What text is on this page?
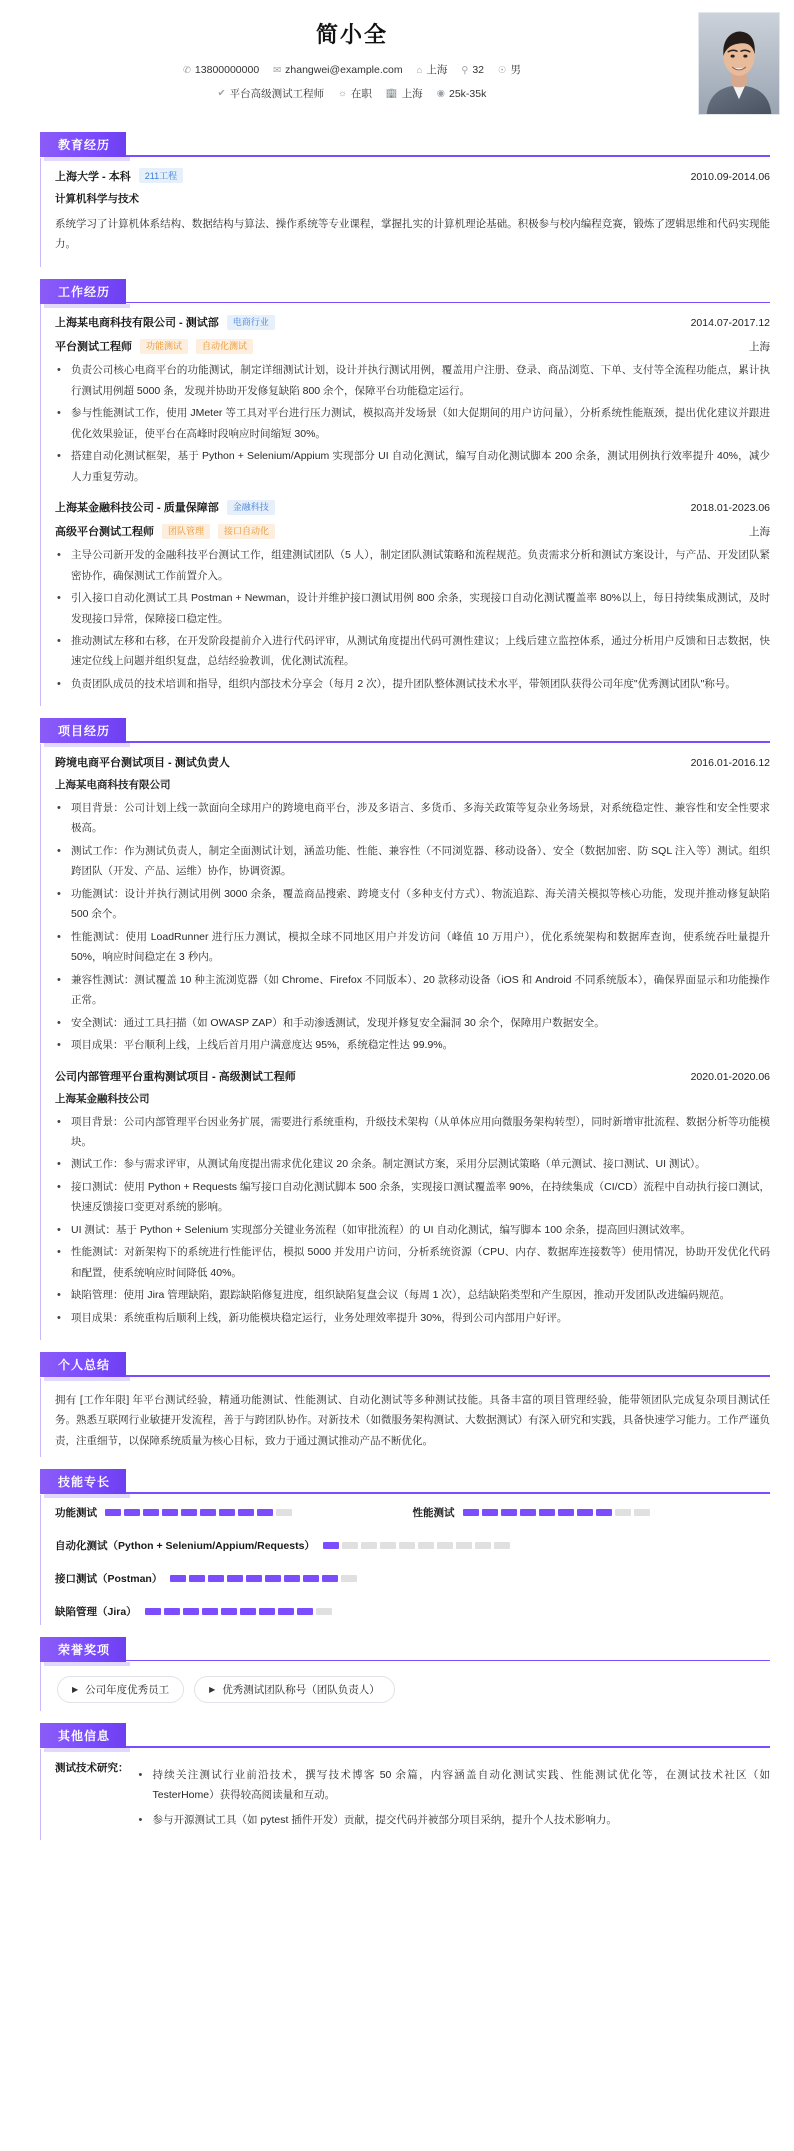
简小全
✆ 13800000000 ✉ zhangwei@example.com ⌂ 上海 ⚲ 32 ☉ 男
✔ 平台高级测试工程师 ☼ 在职 🏢 上海 ◉ 25k-35k
教育经历
上海大学 - 本科	211工程	2010.09-2014.06
计算机科学与技术
系统学习了计算机体系结构、数据结构与算法、操作系统等专业课程，掌握扎实的计算机理论基础。积极参与校内编程竞赛，锻炼了逻辑思维和代码实现能力。
工作经历
上海某电商科技有限公司 - 测试部	电商行业	2014.07-2017.12
平台测试工程师	功能测试	自动化测试	上海
• 负责公司核心电商平台的功能测试，制定详细测试计划，设计并执行测试用例，覆盖用户注册、登录、商品浏览、下单、支付等全流程功能点，累计执行测试用例超 5000 条，发现并协助开发修复缺陷 800 余个，保障平台功能稳定运行。
• 参与性能测试工作，使用 JMeter 等工具对平台进行压力测试，模拟高并发场景（如大促期间的用户访问量），分析系统性能瓶颈，提出优化建议并跟进优化效果验证，使平台在高峰时段响应时间缩短 30%。
• 搭建自动化测试框架，基于 Python + Selenium/Appium 实现部分 UI 自动化测试，编写自动化测试脚本 200 余条，测试用例执行效率提升 40%，减少人力重复劳动。
上海某金融科技公司 - 质量保障部	金融科技	2018.01-2023.06
高级平台测试工程师	团队管理	接口自动化	上海
• 主导公司新开发的金融科技平台测试工作，组建测试团队（5 人），制定团队测试策略和流程规范。负责需求分析和测试方案设计，与产品、开发团队紧密协作，确保测试工作前置介入。
• 引入接口自动化测试工具 Postman + Newman，设计并维护接口测试用例 800 余条，实现接口自动化测试覆盖率 80%以上，每日持续集成测试，及时发现接口异常，保障接口稳定性。
• 推动测试左移和右移，在开发阶段提前介入进行代码评审，从测试角度提出代码可测性建议；上线后建立监控体系，通过分析用户反馈和日志数据，快速定位线上问题并组织复盘，总结经验教训，优化测试流程。
• 负责团队成员的技术培训和指导，组织内部技术分享会（每月 2 次），提升团队整体测试技术水平，带领团队获得公司年度"优秀测试团队"称号。
项目经历
跨境电商平台测试项目 - 测试负责人	2016.01-2016.12
上海某电商科技有限公司
• 项目背景：公司计划上线一款面向全球用户的跨境电商平台，涉及多语言、多货币、多海关政策等复杂业务场景，对系统稳定性、兼容性和安全性要求极高。
• 测试工作：作为测试负责人，制定全面测试计划，涵盖功能、性能、兼容性（不同浏览器、移动设备）、安全（数据加密、防 SQL 注入等）测试。组织跨团队（开发、产品、运维）协作，协调资源。
• 功能测试：设计并执行测试用例 3000 余条，覆盖商品搜索、跨境支付（多种支付方式）、物流追踪、海关清关模拟等核心功能，发现并推动修复缺陷 500 余个。
• 性能测试：使用 LoadRunner 进行压力测试，模拟全球不同地区用户并发访问（峰值 10 万用户），优化系统架构和数据库查询，使系统吞吐量提升 50%，响应时间稳定在 3 秒内。
• 兼容性测试：测试覆盖 10 种主流浏览器（如 Chrome、Firefox 不同版本）、20 款移动设备（iOS 和 Android 不同系统版本），确保界面显示和功能操作正常。
• 安全测试：通过工具扫描（如 OWASP ZAP）和手动渗透测试，发现并修复安全漏洞 30 余个，保障用户数据安全。
• 项目成果：平台顺利上线，上线后首月用户满意度达 95%，系统稳定性达 99.9%。
公司内部管理平台重构测试项目 - 高级测试工程师	2020.01-2020.06
上海某金融科技公司
• 项目背景：公司内部管理平台因业务扩展，需要进行系统重构，升级技术架构（从单体应用向微服务架构转型），同时新增审批流程、数据分析等功能模块。
• 测试工作：参与需求评审，从测试角度提出需求优化建议 20 余条。制定测试方案，采用分层测试策略（单元测试、接口测试、UI 测试）。
• 接口测试：使用 Python + Requests 编写接口自动化测试脚本 500 余条，实现接口测试覆盖率 90%，在持续集成（CI/CD）流程中自动执行接口测试，快速反馈接口变更对系统的影响。
• UI 测试：基于 Python + Selenium 实现部分关键业务流程（如审批流程）的 UI 自动化测试，编写脚本 100 余条，提高回归测试效率。
• 性能测试：对新架构下的系统进行性能评估，模拟 5000 并发用户访问，分析系统资源（CPU、内存、数据库连接数等）使用情况，协助开发优化代码和配置，使系统响应时间降低 40%。
• 缺陷管理：使用 Jira 管理缺陷，跟踪缺陷修复进度，组织缺陷复盘会议（每周 1 次），总结缺陷类型和产生原因，推动开发团队改进编码规范。
• 项目成果：系统重构后顺利上线，新功能模块稳定运行，业务处理效率提升 30%，得到公司内部用户好评。
个人总结
拥有 [工作年限] 年平台测试经验，精通功能测试、性能测试、自动化测试等多种测试技能。具备丰富的项目管理经验，能带领团队完成复杂项目测试任务。熟悉互联网行业敏捷开发流程，善于与跨团队协作。对新技术（如微服务架构测试、大数据测试）有深入研究和实践，具备快速学习能力。工作严谨负责，注重细节，以保障系统质量为核心目标，致力于通过测试推动产品不断优化。
技能专长
功能测试	性能测试
自动化测试（Python + Selenium/Appium/Requests）
接口测试（Postman）
缺陷管理（Jira）
荣誉奖项
▶ 公司年度优秀员工	▶ 优秀测试团队称号（团队负责人）
其他信息
测试技术研究：
• 持续关注测试行业前沿技术，撰写技术博客 50 余篇，内容涵盖自动化测试实践、性能测试优化等，在测试技术社区（如 TesterHome）获得较高阅读量和互动。
• 参与开源测试工具（如 pytest 插件开发）贡献，提交代码并被部分项目采纳，提升个人技术影响力。
